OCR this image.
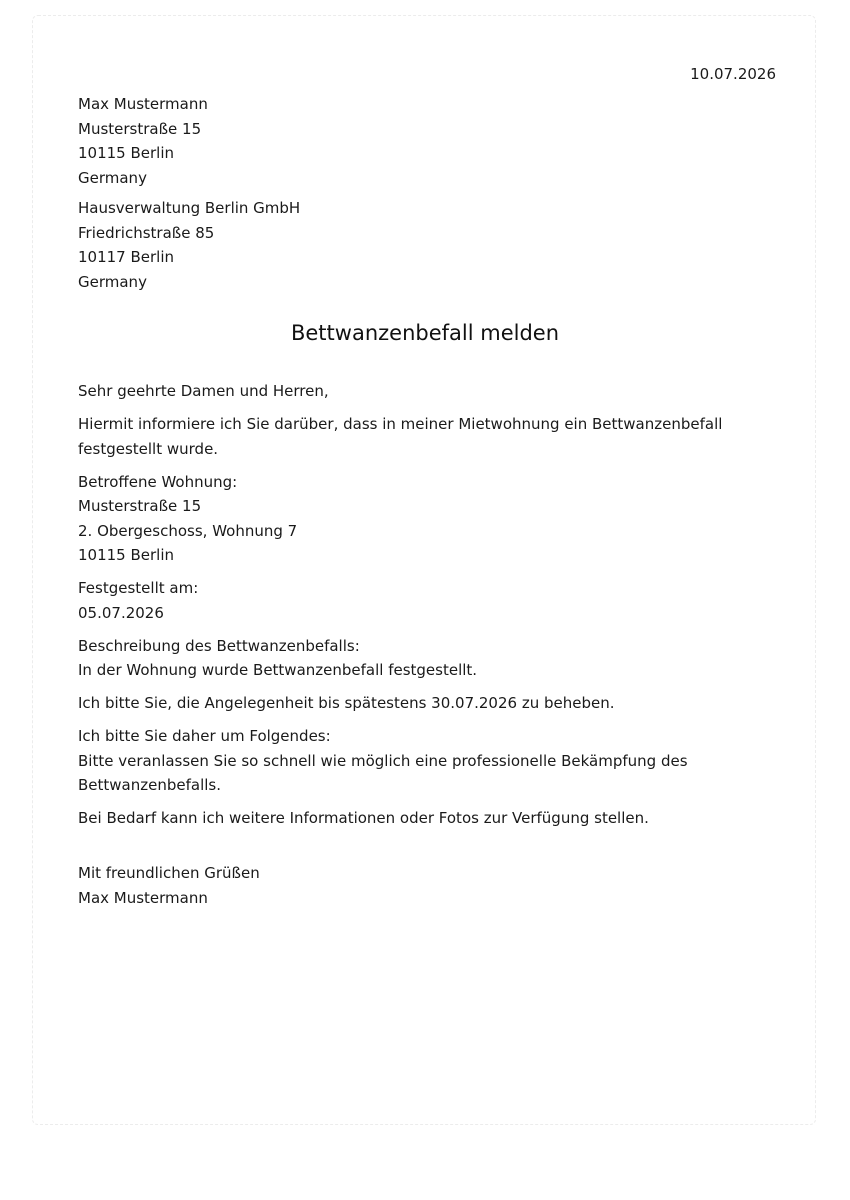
10.07.2026
Max Mustermann
Musterstraße 15
10115 Berlin
Germany
Hausverwaltung Berlin GmbH
Friedrichstraße 85
10117 Berlin
Germany
Bettwanzenbefall melden

Sehr geehrte Damen und Herren,

Hiermit informiere ich Sie darüber, dass in meiner Mietwohnung ein Bettwanzenbefall
festgestellt wurde.

Betroffene Wohnung:
Musterstraße 15
2. Obergeschoss, Wohnung 7
10115 Berlin

Festgestellt am:
05.07.2026

Beschreibung des Bettwanzenbefalls:
In der Wohnung wurde Bettwanzenbefall festgestellt.

Ich bitte Sie, die Angelegenheit bis spätestens 30.07.2026 zu beheben.

Ich bitte Sie daher um Folgendes:
Bitte veranlassen Sie so schnell wie möglich eine professionelle Bekämpfung des
Bettwanzenbefalls.

Bei Bedarf kann ich weitere Informationen oder Fotos zur Verfügung stellen.

Mit freundlichen Grüßen
Max Mustermann
